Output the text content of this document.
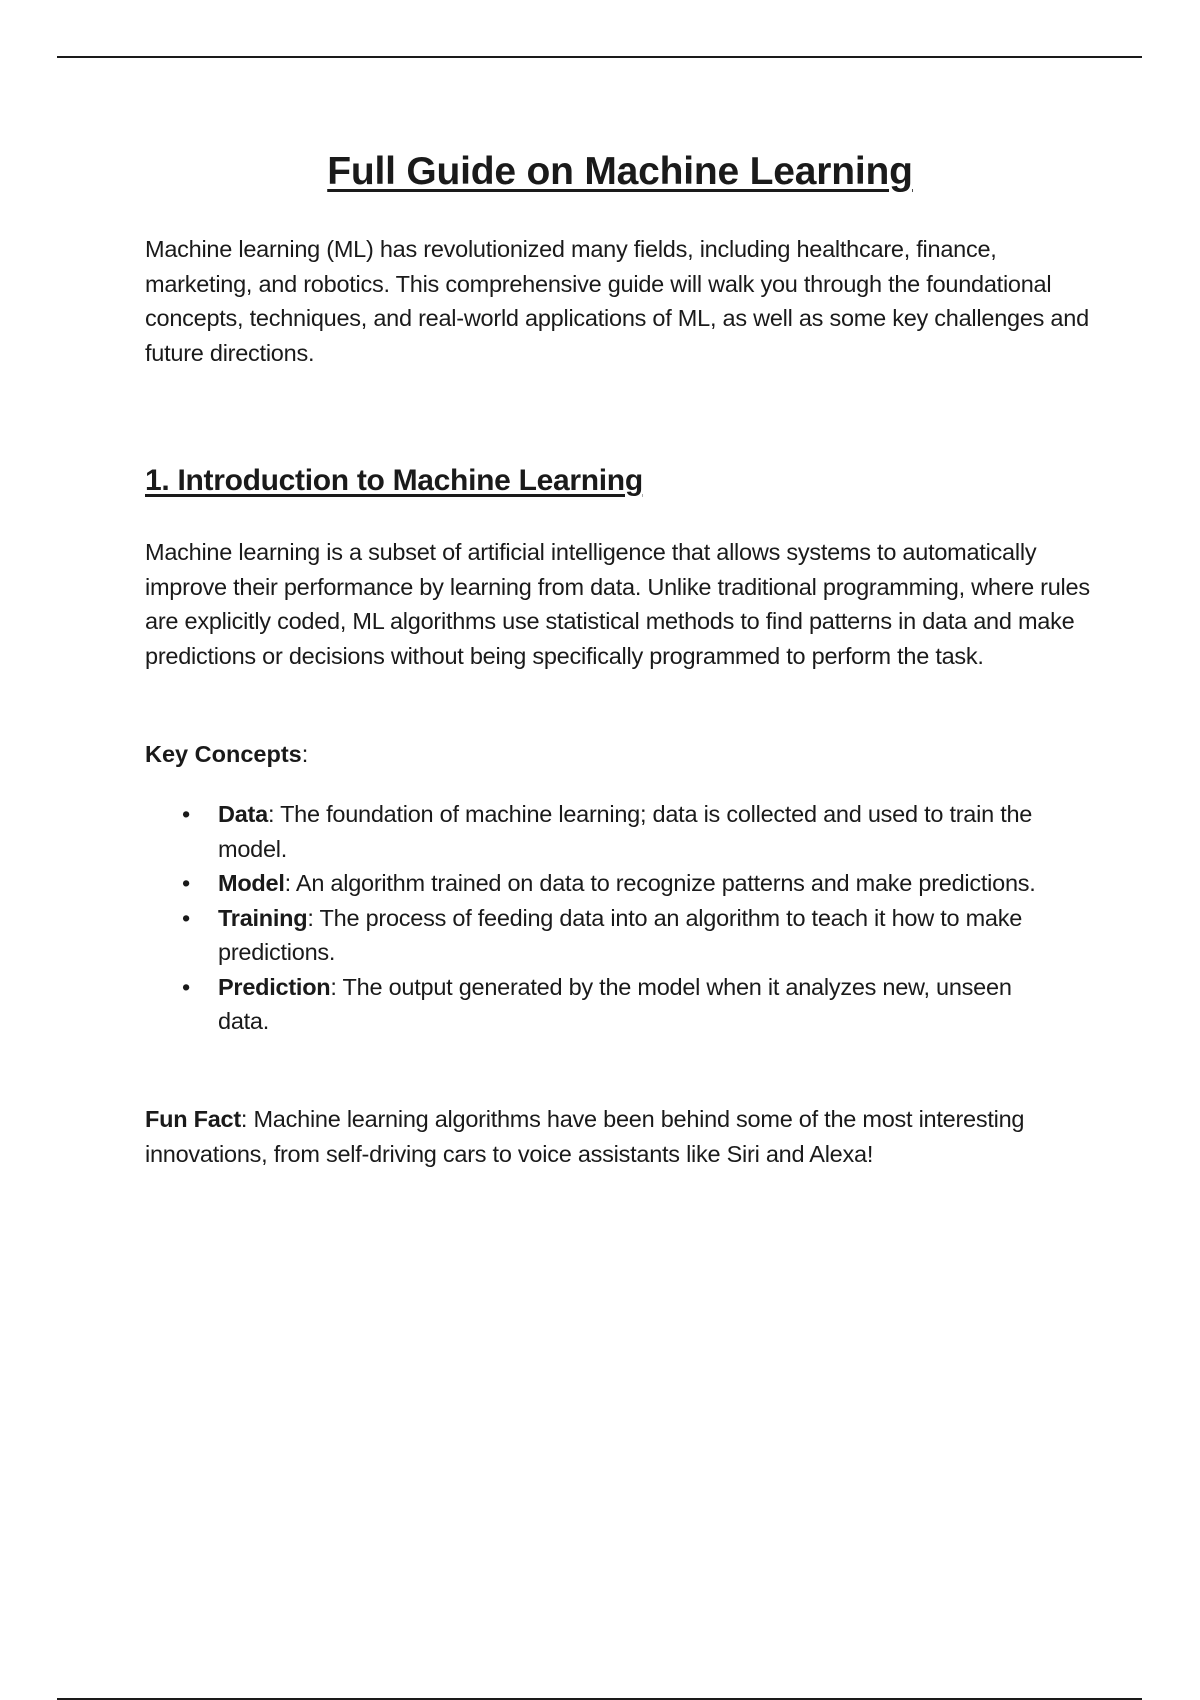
Full Guide on Machine Learning

Machine learning (ML) has revolutionized many fields, including healthcare, finance, marketing, and robotics. This comprehensive guide will walk you through the foundational concepts, techniques, and real-world applications of ML, as well as some key challenges and future directions.

1. Introduction to Machine Learning

Machine learning is a subset of artificial intelligence that allows systems to automatically improve their performance by learning from data. Unlike traditional programming, where rules are explicitly coded, ML algorithms use statistical methods to find patterns in data and make predictions or decisions without being specifically programmed to perform the task.

Key Concepts:

• Data: The foundation of machine learning; data is collected and used to train the model.
• Model: An algorithm trained on data to recognize patterns and make predictions.
• Training: The process of feeding data into an algorithm to teach it how to make predictions.
• Prediction: The output generated by the model when it analyzes new, unseen data.

Fun Fact: Machine learning algorithms have been behind some of the most interesting innovations, from self-driving cars to voice assistants like Siri and Alexa!
